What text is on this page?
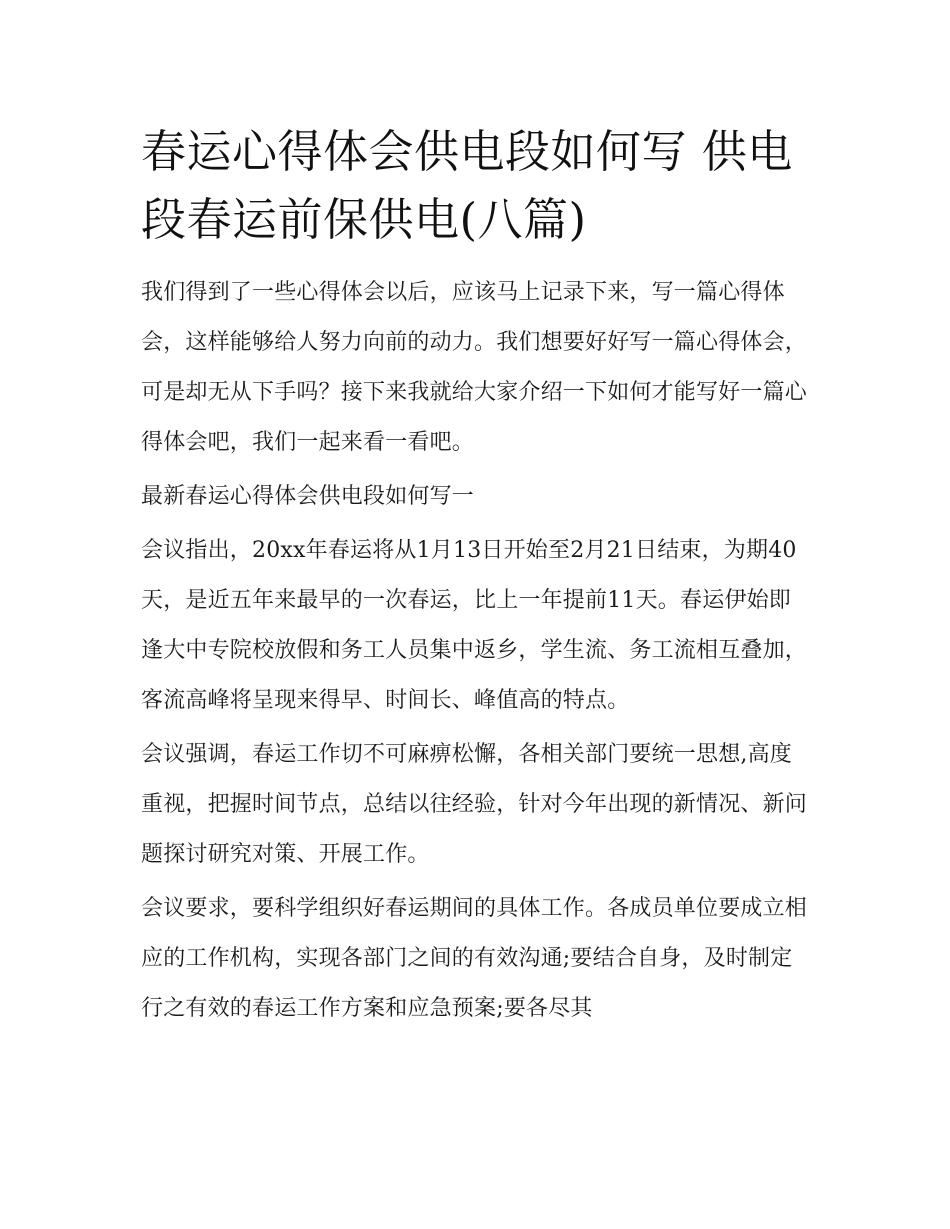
春运心得体会供电段如何写 供电段春运前保供电(八篇)

我们得到了一些心得体会以后，应该马上记录下来，写一篇心得体会，这样能够给人努力向前的动力。我们想要好好写一篇心得体会，可是却无从下手吗？接下来我就给大家介绍一下如何才能写好一篇心得体会吧，我们一起来看一看吧。

最新春运心得体会供电段如何写一

会议指出，20xx年春运将从1月13日开始至2月21日结束，为期40天，是近五年来最早的一次春运，比上一年提前11天。春运伊始即逢大中专院校放假和务工人员集中返乡，学生流、务工流相互叠加，客流高峰将呈现来得早、时间长、峰值高的特点。

会议强调，春运工作切不可麻痹松懈，各相关部门要统一思想,高度重视，把握时间节点，总结以往经验，针对今年出现的新情况、新问题探讨研究对策、开展工作。

会议要求，要科学组织好春运期间的具体工作。各成员单位要成立相应的工作机构，实现各部门之间的有效沟通;要结合自身，及时制定行之有效的春运工作方案和应急预案;要各尽其
